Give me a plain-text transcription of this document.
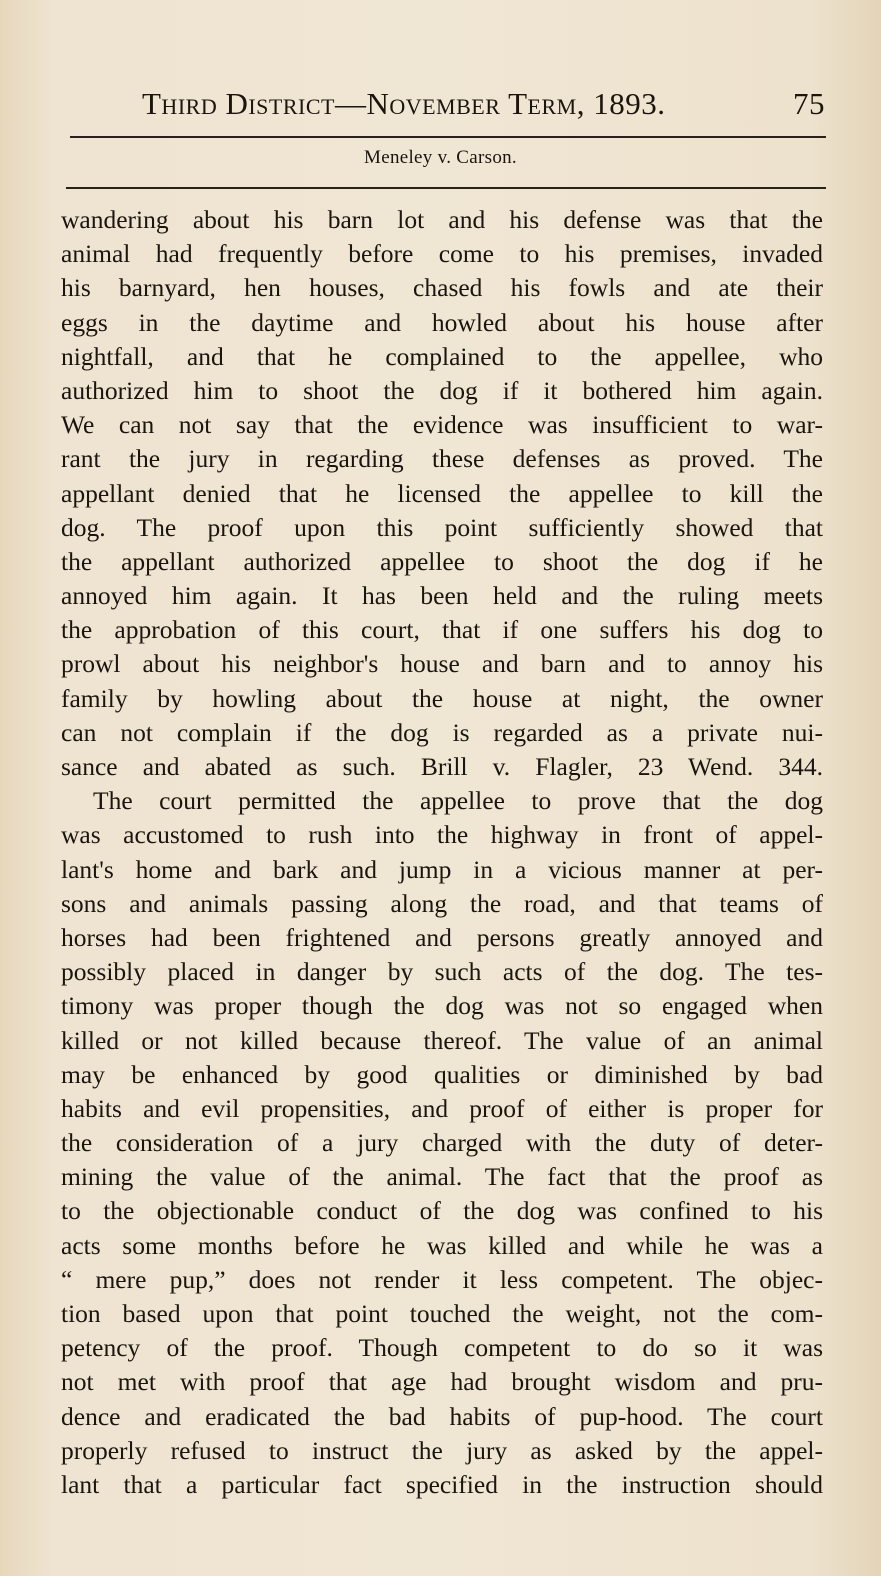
Third District—November Term, 1893.	75
Meneley v. Carson.
wandering about his barn lot and his defense was that the
animal had frequently before come to his premises, invaded
his barnyard, hen houses, chased his fowls and ate their
eggs in the daytime and howled about his house after
nightfall, and that he complained to the appellee, who
authorized him to shoot the dog if it bothered him again.
We can not say that the evidence was insufficient to war-
rant the jury in regarding these defenses as proved. The
appellant denied that he licensed the appellee to kill the
dog. The proof upon this point sufficiently showed that
the appellant authorized appellee to shoot the dog if he
annoyed him again. It has been held and the ruling meets
the approbation of this court, that if one suffers his dog to
prowl about his neighbor's house and barn and to annoy his
family by howling about the house at night, the owner
can not complain if the dog is regarded as a private nui-
sance and abated as such. Brill v. Flagler, 23 Wend. 344.
The court permitted the appellee to prove that the dog
was accustomed to rush into the highway in front of appel-
lant's home and bark and jump in a vicious manner at per-
sons and animals passing along the road, and that teams of
horses had been frightened and persons greatly annoyed and
possibly placed in danger by such acts of the dog. The tes-
timony was proper though the dog was not so engaged when
killed or not killed because thereof. The value of an animal
may be enhanced by good qualities or diminished by bad
habits and evil propensities, and proof of either is proper for
the consideration of a jury charged with the duty of deter-
mining the value of the animal. The fact that the proof as
to the objectionable conduct of the dog was confined to his
acts some months before he was killed and while he was a
“ mere pup,” does not render it less competent. The objec-
tion based upon that point touched the weight, not the com-
petency of the proof. Though competent to do so it was
not met with proof that age had brought wisdom and pru-
dence and eradicated the bad habits of pup-hood. The court
properly refused to instruct the jury as asked by the appel-
lant that a particular fact specified in the instruction should
